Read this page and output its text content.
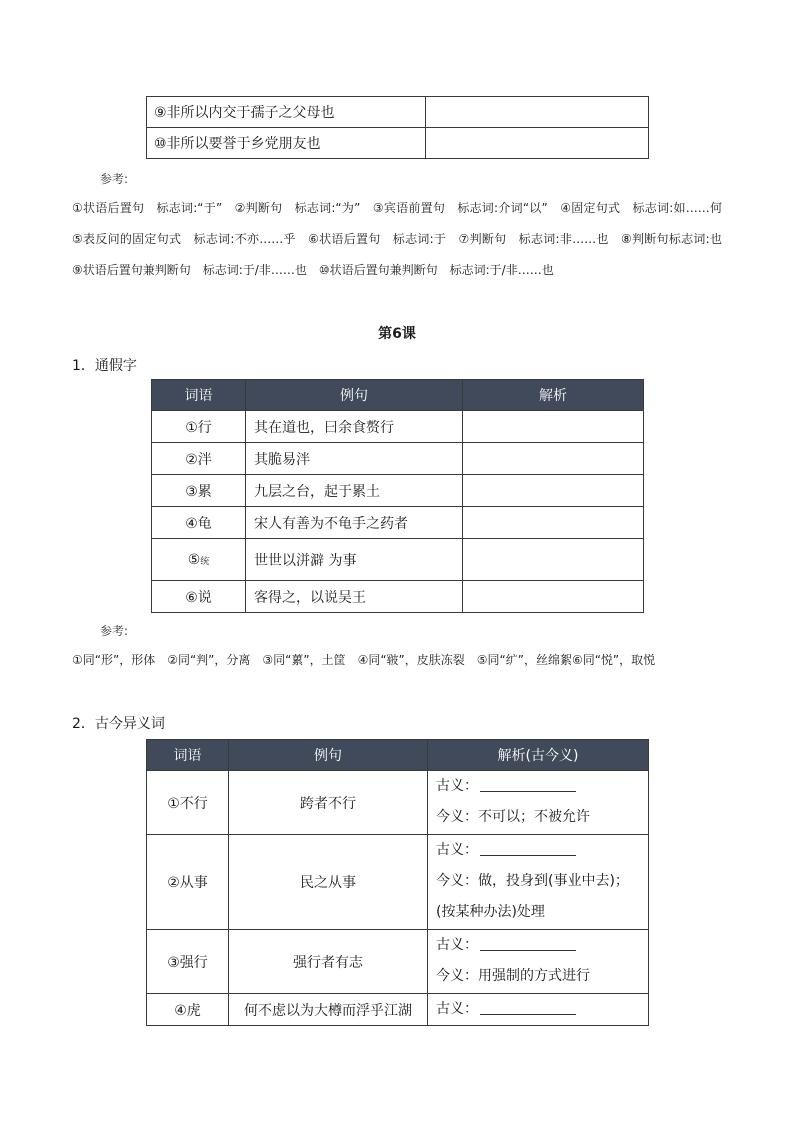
⑨非所以内交于孺子之父母也	
⑩非所以要誉于乡党朋友也	
参考:
①状语后置句　标志词:“于”　②判断句　标志词:“为”　③宾语前置句　标志词:介词“以”　④固定句式　标志词:如……何　⑤表反问的固定句式　标志词:不亦……乎　⑥状语后置句　标志词:于　⑦判断句　标志词:非……也　⑧判断句标志词:也　⑨状语后置句兼判断句　标志词:于/非……也　⑩状语后置句兼判断句　标志词:于/非……也
第6课
1．通假字
词语	例句	解析
①行	其在道也，曰余食赘行	
②泮	其脆易泮	
③累	九层之台，起于累土	
④龟	宋人有善为不龟手之药者	
⑤统	世世以洴澼 为事	
⑥说	客得之，以说吴王	
参考:
①同“形”，形体　②同“判”，分离　③同“蔂”，土筐　④同“皲”，皮肤冻裂　⑤同“纩”，丝绵絮⑥同“悦”，取悦
2．古今异义词
词语	例句	解析(古今义)
①不行	跨者不行	古义：
今义：不可以；不被允许

②从事	民之从事	古义：
今义：做，投身到(事业中去)；(按某种办法)处理

③强行	强行者有志	古义：
今义：用强制的方式进行

④虎	何不虑以为大樽而浮乎江湖	古义：
